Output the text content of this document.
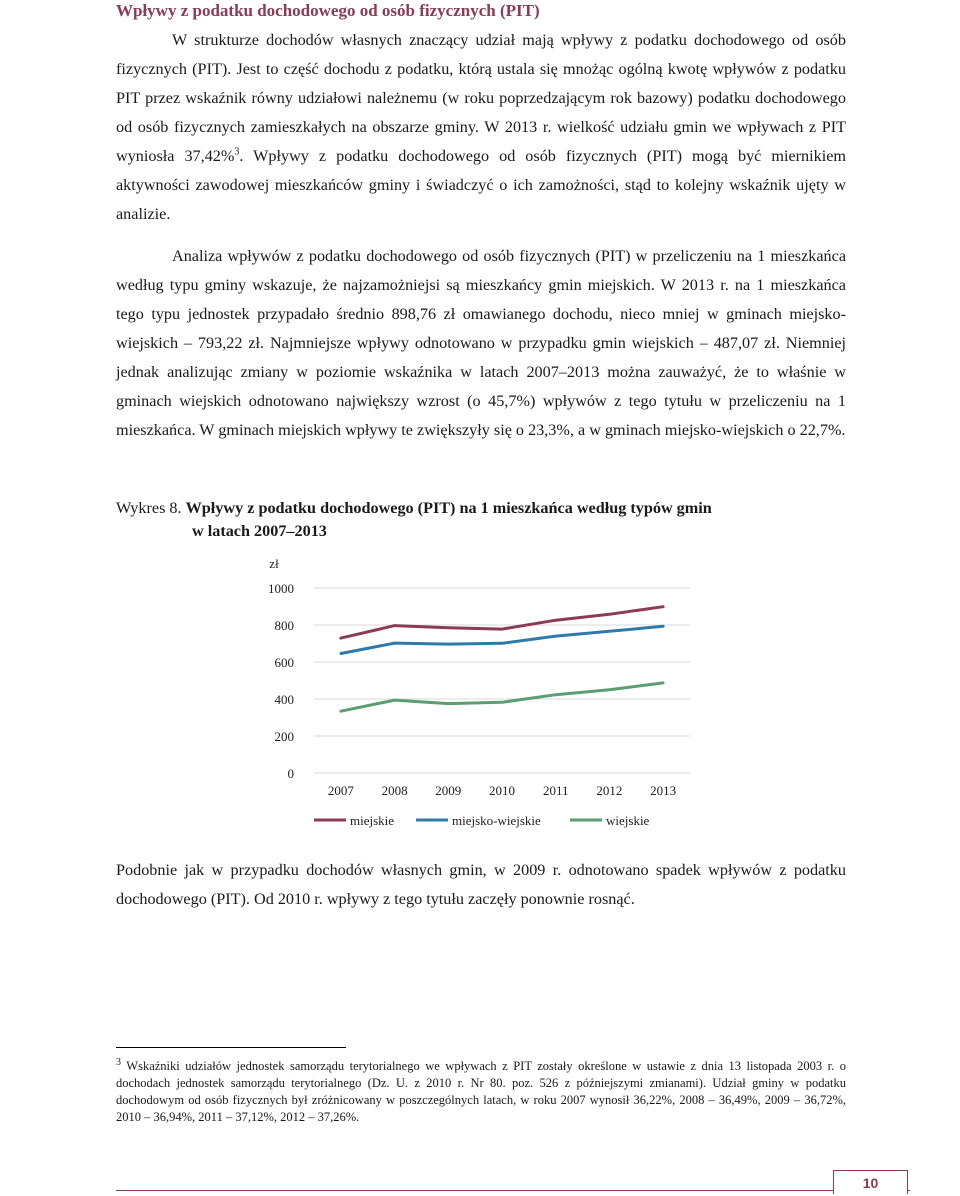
Wpływy z podatku dochodowego od osób fizycznych (PIT)

W strukturze dochodów własnych znaczący udział mają wpływy z podatku dochodowego od osób fizycznych (PIT). Jest to część dochodu z podatku, którą ustala się mnożąc ogólną kwotę wpływów z podatku PIT przez wskaźnik równy udziałowi należnemu (w roku poprzedzającym rok bazowy) podatku dochodowego od osób fizycznych zamieszkałych na obszarze gminy. W 2013 r. wielkość udziału gmin we wpływach z PIT wyniosła 37,42%$^3$. Wpływy z podatku dochodowego od osób fizycznych (PIT) mogą być miernikiem aktywności zawodowej mieszkańców gminy i świadczyć o ich zamożności, stąd to kolejny wskaźnik ujęty w analizie.

Analiza wpływów z podatku dochodowego od osób fizycznych (PIT) w przeliczeniu na 1 mieszkańca według typu gminy wskazuje, że najzamożniejsi są mieszkańcy gmin miejskich. W 2013 r. na 1 mieszkańca tego typu jednostek przypadało średnio 898,76 zł omawianego dochodu, nieco mniej w gminach miejsko-wiejskich – 793,22 zł. Najmniejsze wpływy odnotowano w przypadku gmin wiejskich – 487,07 zł. Niemniej jednak analizując zmiany w poziomie wskaźnika w latach 2007–2013 można zauważyć, że to właśnie w gminach wiejskich odnotowano największy wzrost (o 45,7%) wpływów z tego tytułu w przeliczeniu na 1 mieszkańca. W gminach miejskich wpływy te zwiększyły się o 23,3%, a w gminach miejsko-wiejskich o 22,7%.

Wykres 8. Wpływy z podatku dochodowego (PIT) na 1 mieszkańca według typów gmin
w latach 2007–2013
zł
0
200
400
600
800
1000
2007 2008 2009 2010 2011 2012 2013
miejskie	miejsko-wiejskie	wiejskie

Podobnie jak w przypadku dochodów własnych gmin, w 2009 r. odnotowano spadek wpływów z podatku dochodowego (PIT). Od 2010 r. wpływy z tego tytułu zaczęły ponownie rosnąć.

$^3$ Wskaźniki udziałów jednostek samorządu terytorialnego we wpływach z PIT zostały określone w ustawie z dnia 13 listopada 2003 r. o dochodach jednostek samorządu terytorialnego (Dz. U. z 2010 r. Nr 80. poz. 526 z późniejszymi zmianami). Udział gminy w podatku dochodowym od osób fizycznych był zróżnicowany w poszczególnych latach, w roku 2007 wynosił 36,22%, 2008 – 36,49%, 2009 – 36,72%, 2010 – 36,94%, 2011 – 37,12%, 2012 – 37,26%.

10
